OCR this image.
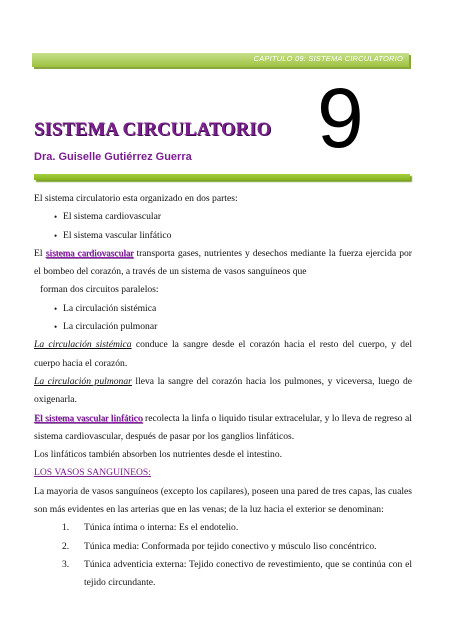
CAPITULO 09: SISTEMA CIRCULATORIO
SISTEMA CIRCULATORIO 9
Dra. Guiselle Gutiérrez Guerra

El sistema circulatorio esta organizado en dos partes:

• El sistema cardiovascular
• El sistema vascular linfático

El sistema cardiovascular transporta gases, nutrientes y desechos mediante la fuerza ejercida por el bombeo del corazón, a través de un sistema de vasos sanguíneos que

forman dos circuitos paralelos:

• La circulación sistémica
• La circulación pulmonar

La circulación sistémica conduce la sangre desde el corazón hacia el resto del cuerpo, y del cuerpo hacia el corazón.

La circulación pulmonar lleva la sangre del corazón hacia los pulmones, y viceversa, luego de oxigenarla.

El sistema vascular linfático recolecta la linfa o liquido tisular extracelular, y lo lleva de regreso al sistema cardiovascular, después de pasar por los ganglios linfáticos.

Los linfáticos también absorben los nutrientes desde el intestino.

LOS VASOS SANGUINEOS:

La mayoria de vasos sanguíneos (excepto los capilares), poseen una pared de tres capas, las cuales son más evidentes en las arterias que en las venas; de la luz hacia el exterior se denominan:

1. Túnica íntima o interna: Es el endotelio.
2. Túnica media: Conformada por tejido conectivo y músculo liso concéntrico.
3. Túnica adventicia externa: Tejido conectivo de revestimiento, que se continúa con el tejido circundante.
